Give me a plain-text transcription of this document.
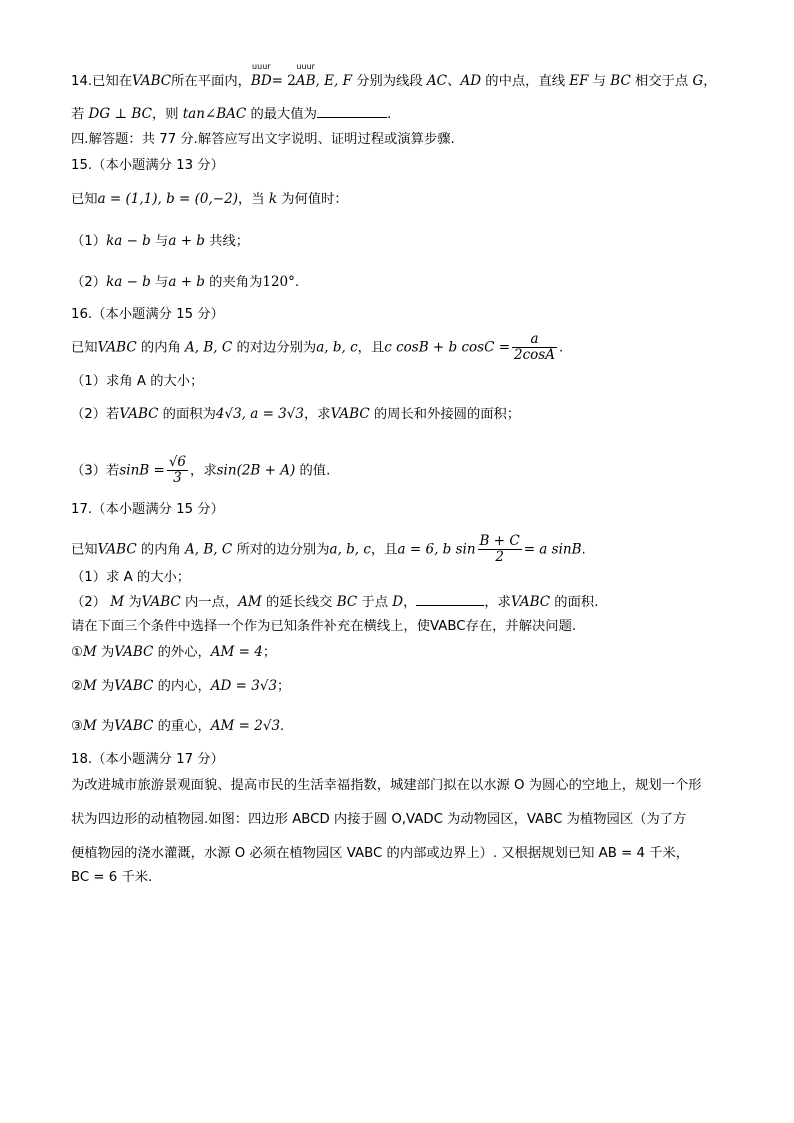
14.已知在VABC所在平面内，
uuur
BD= 2
uuur
AB, E, F 分别为线段 AC、AD 的中点，直线 EF 与 BC 相交于点 G，
若 DG ⊥ BC，则 tan∠BAC 的最大值为	.
四.解答题：共 77 分.解答应写出文字说明、证明过程或演算步骤.
15.（本小题满分 13 分）
已知a = (1,1), b = (0,−2)，当 k 为何值时：
（1）ka − b 与a + b 共线；
（2）ka − b 与a + b 的夹角为120°.
16.（本小题满分 15 分）
已知VABC 的内角 A, B, C 的对边分别为a, b, c，且c cosB + b $\cos C = \frac{a}{2\cos A}$ .
（1）求角 A 的大小；
（2）若VABC 的面积为4√3, a = 3√3，求VABC 的周长和外接圆的面积；
（3）若$\sin B = \frac{√6}{3}$ ，求sin(2B + A) 的值.
17.（本小题满分 15 分）
已知VABC 的内角 A, B, C 所对的边分别为a, b, c，且a = 6, b $\sin \frac{B + C}{2} = a$ sinB.
（1）求 A 的大小；
（2） M 为VABC 内一点，AM 的延长线交 BC 于点 D，	，求VABC 的面积.
请在下面三个条件中选择一个作为已知条件补充在横线上，使VABC存在，并解决问题.
①M 为VABC 的外心，AM = 4；
②M 为VABC 的内心，AD = 3√3；
③M 为VABC 的重心，AM = 2√3.
18.（本小题满分 17 分）
为改进城市旅游景观面貌、提高市民的生活幸福指数，城建部门拟在以水源 O 为圆心的空地上，规划一个形
状为四边形的动植物园.如图：四边形 ABCD 内接于圆 O,VADC 为动物园区，VABC 为植物园区（为了方
便植物园的浇水灌溉，水源 O 必须在植物园区 VABC 的内部或边界上）. 又根据规划已知 AB = 4 千米，
BC = 6 千米.
